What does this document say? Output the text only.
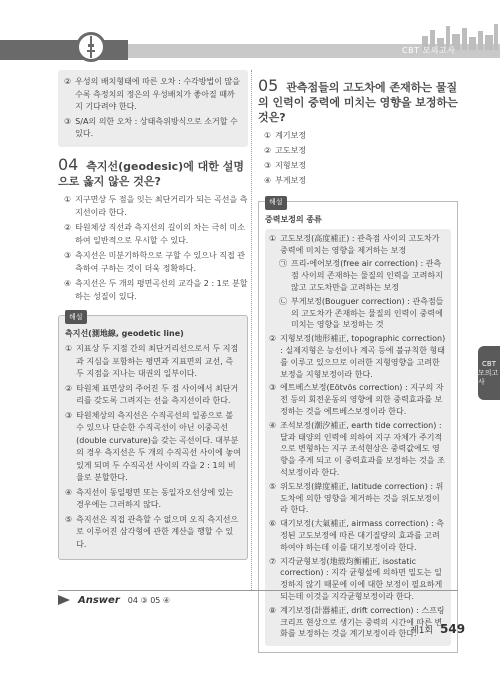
CBT 모의고사
CBT
모의고사
② 우성의 배치형태에 따른 오차 : 수각방법이 많을수록 측정치의 정은의 우성배치가 좋아질 때까지 기다려야 한다.
③ S/A의 의한 오차 : 상태측위방식으로 소거할 수 있다.
04 측지선(geodesic)에 대한 설명으로 옳지 않은 것은?
① 지구면상 두 점을 잇는 최단거리가 되는 곡선을 측지선이라 한다.
② 타원체상 직선과 측지선의 길이의 차는 극히 미소하여 일반적으로 무시할 수 있다.
③ 측지선은 미분기하학으로 구할 수 있으나 직접 관측하여 구하는 것이 더욱 정확하다.
④ 측지선은 두 개의 평면곡선의 교각을 2 : 1로 분할하는 성질이 있다.
해설
측지선(測地線, geodetic line)
① 지표상 두 지점 간의 최단거리선으로서 두 지점과 지심을 포함하는 평면과 지표면의 교선, 즉 두 지점을 지나는 대권의 일부이다.
② 타원체 표면상의 주어진 두 점 사이에서 최단거리를 갖도록 그려지는 선을 측지선이라 한다.
③ 타원체상의 측지선은 수직곡선의 일종으로 볼 수 있으나 단순한 수직곡선이 아닌 이중곡선(double curvature)을 갖는 곡선이다. 대부분의 경우 측지선은 두 개의 수직곡선 사이에 놓여 있게 되며 두 수직곡선 사이의 각을 2 : 1의 비율로 분할한다.
④ 측지선이 동일평면 또는 동일자오선상에 있는 경우에는 그러하지 않다.
⑤ 측지선은 직접 관측할 수 없으며 오직 측지선으로 이루어진 삼각형에 관한 계산을 행할 수 있다.
05 관측점들의 고도차에 존재하는 물질의 인력이 중력에 미치는 영향을 보정하는 것은?
① 계기보정
② 고도보정
③ 지형보정
④ 부게보정
해설
중력보정의 종류
① 고도보정(高度補正) : 관측점 사이의 고도차가 중력에 미치는 영향을 제거하는 보정
㉠ 프리-에어보정(free air correction) : 관측점 사이의 존재하는 물질의 인력을 고려하지 않고 고도차만을 고려하는 보정
㉡ 부게보정(Bouguer correction) : 관측점들의 고도차가 존재하는 물질의 인력이 중력에 미치는 영향을 보정하는 것
② 지형보정(地形補正, topographic correction) : 실제지형은 능선이나 계곡 등에 불규칙한 형태를 이루고 있으므로 이러한 지형영향을 고려한 보정을 지형보정이라 한다.
③ 에트베스보정(Eötvös correction) : 지구의 자전 등의 회전운동의 영향에 의한 중력효과를 보정하는 것을 에트베스보정이라 한다.
④ 조석보정(潮汐補正, earth tide correction) : 달과 태양의 인력에 의하여 지구 자체가 주기적으로 변형하는 지구 조석현상은 중력값에도 영향을 주게 되고 이 중력효과를 보정하는 것을 조석보정이라 한다.
⑤ 위도보정(緯度補正, latitude correction) : 위도차에 의한 영향을 제거하는 것을 위도보정이라 한다.
⑥ 대기보정(大氣補正, airmass correction) : 측정된 고도보정에 따른 대기질량의 효과를 고려하여야 하는데 이를 대기보정이라 한다.
⑦ 지각균형보정(地殼均衡補正, isostatic correction) : 지각 균형설에 의하면 밀도는 일정하지 않기 때문에 이에 대한 보정이 필요하게 되는데 이것을 지각균형보정이라 한다.
⑧ 계기보정(計器補正, drift correction) : 스프링 크리프 현상으로 생기는 중력의 시간에 따른 변화를 보정하는 것을 계기보정이라 한다.
Answer 04 ③ 05 ④
제1회 549
